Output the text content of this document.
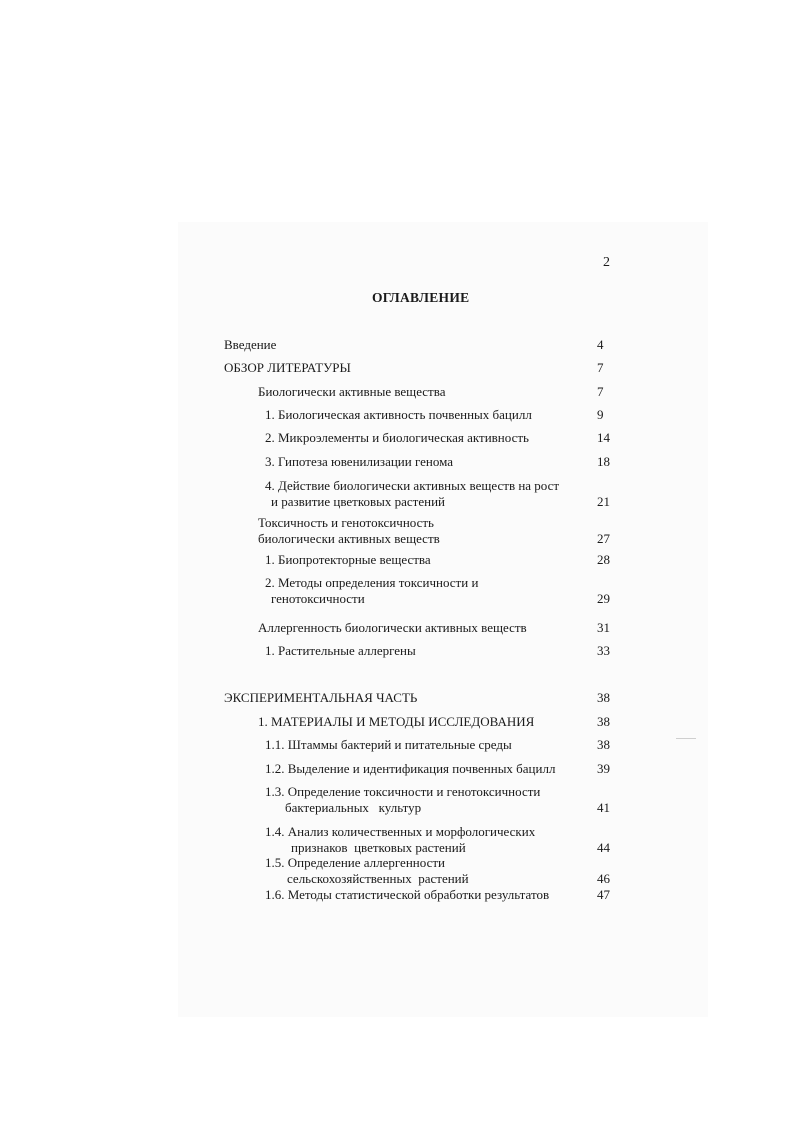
2
ОГЛАВЛЕНИЕ
Введение	4
ОБЗОР ЛИТЕРАТУРЫ	7
Биологически активные вещества	7
1. Биологическая активность почвенных бацилл	9
2. Микроэлементы и биологическая активность	14
3. Гипотеза ювенилизации генома	18
4. Действие биологически активных веществ на рост
и развитие цветковых растений	21
Токсичность и генотоксичность
биологически активных веществ	27
1. Биопротекторные вещества	28
2. Методы определения токсичности и
генотоксичности	29
Аллергенность биологически активных веществ	31
1. Растительные аллергены	33
ЭКСПЕРИМЕНТАЛЬНАЯ ЧАСТЬ	38
1. МАТЕРИАЛЫ И МЕТОДЫ ИССЛЕДОВАНИЯ	38
1.1. Штаммы бактерий и питательные среды	38
1.2. Выделение и идентификация почвенных бацилл	39
1.3. Определение токсичности и генотоксичности
бактериальных   культур	41
1.4. Анализ количественных и морфологических
признаков  цветковых растений	44
1.5. Определение аллергенности
сельскохозяйственных  растений	46
1.6. Методы статистической обработки результатов	47
